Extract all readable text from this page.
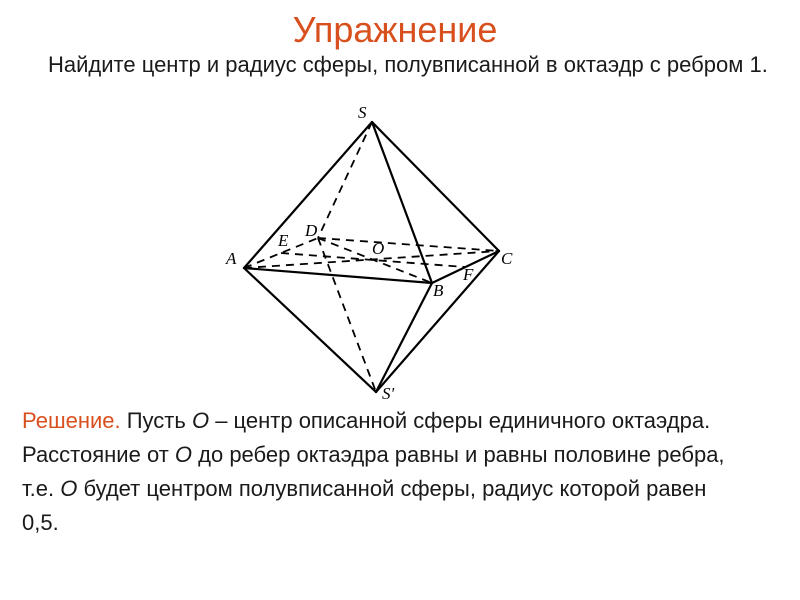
Упражнение
Найдите центр и радиус сферы, полувписанной в октаэдр с ребром 1.
S
D
E	O
A	C
F
B
S'
Решение. Пусть O – центр описанной сферы единичного октаэдра. Расстояние от O до ребер октаэдра равны и равны половине ребра, т.е. O будет центром полувписанной сферы, радиус которой равен 0,5.
